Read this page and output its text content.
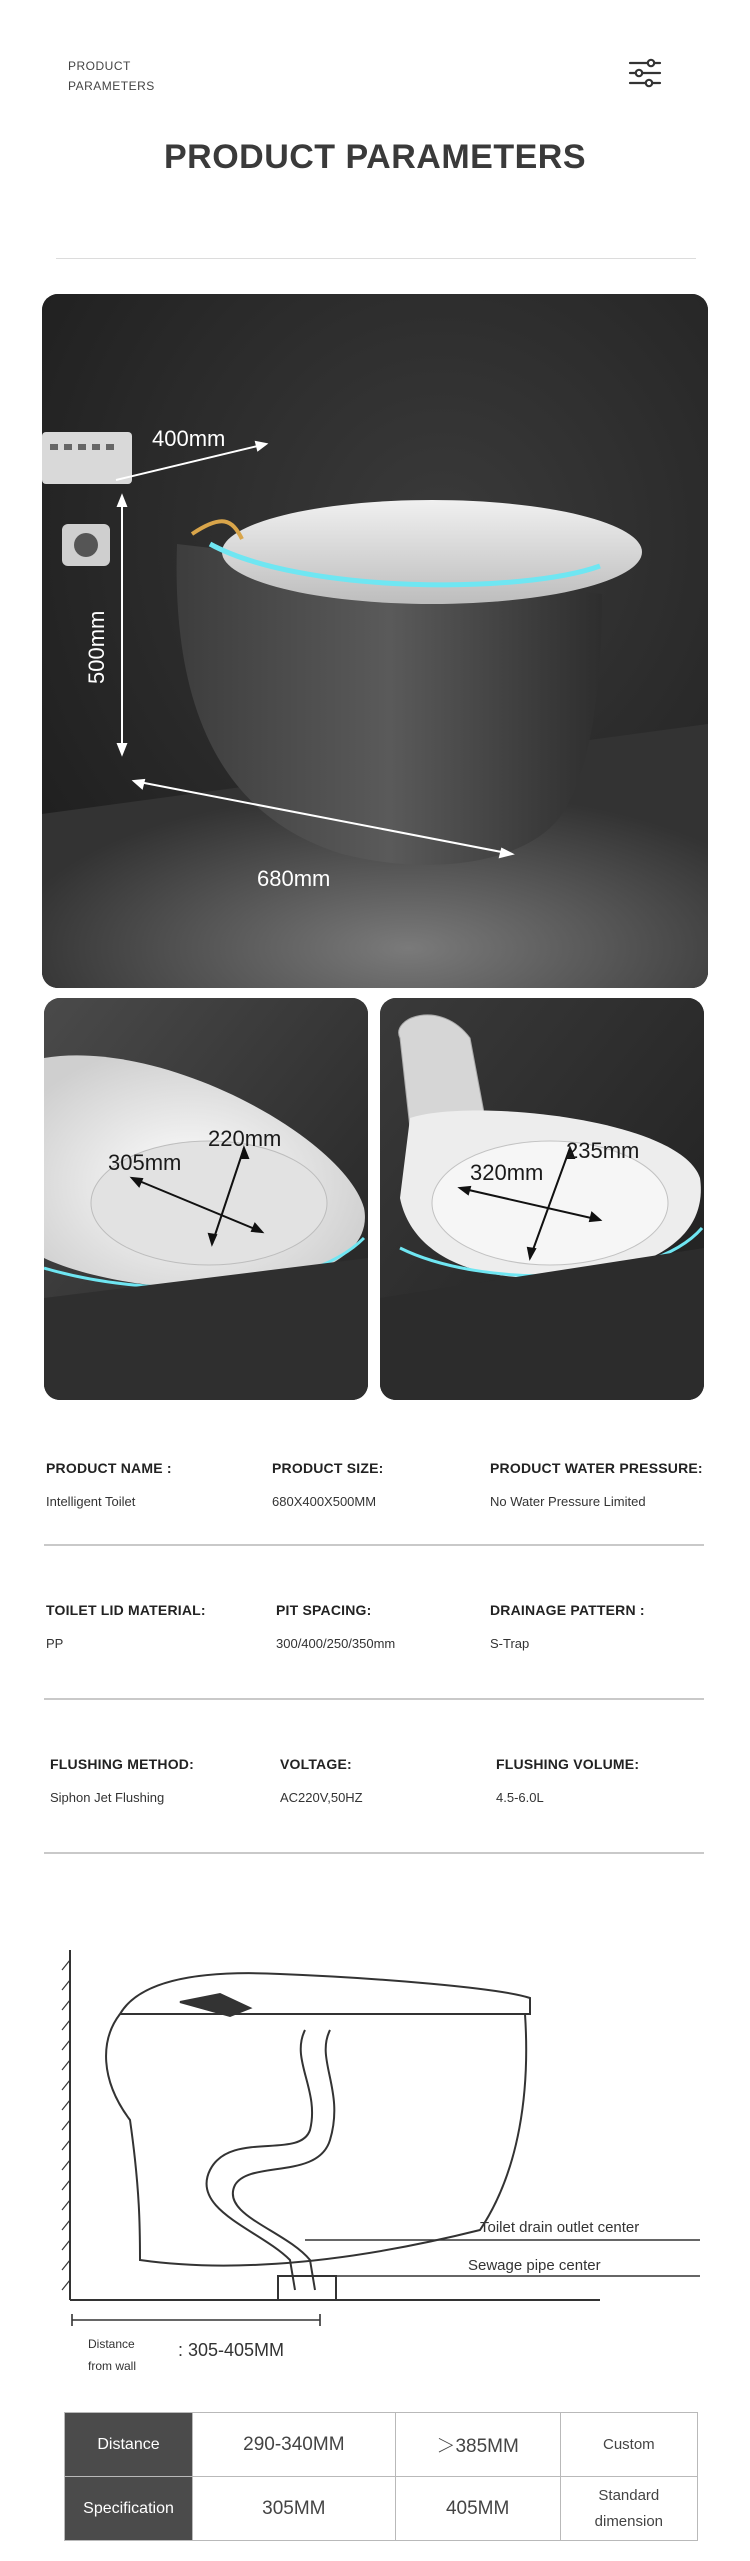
PRODUCT
PARAMETERS
PRODUCT PARAMETERS
400mm
500mm
680mm
305mm
220mm
320mm
235mm
PRODUCT NAME :
Intelligent Toilet
PRODUCT SIZE:
680X400X500MM
PRODUCT WATER PRESSURE:
No Water Pressure Limited
TOILET LID MATERIAL:
PP
PIT SPACING:
300/400/250/350mm
DRAINAGE PATTERN :
S-Trap
FLUSHING METHOD:
Siphon Jet Flushing
VOLTAGE:
AC220V,50HZ
FLUSHING VOLUME:
4.5-6.0L
Toilet drain outlet center
Sewage pipe center
Distance
from wall
: 305-405MM
Distance	290-340MM	＞385MM	Custom
Specification	305MM	405MM	Standard
dimension
